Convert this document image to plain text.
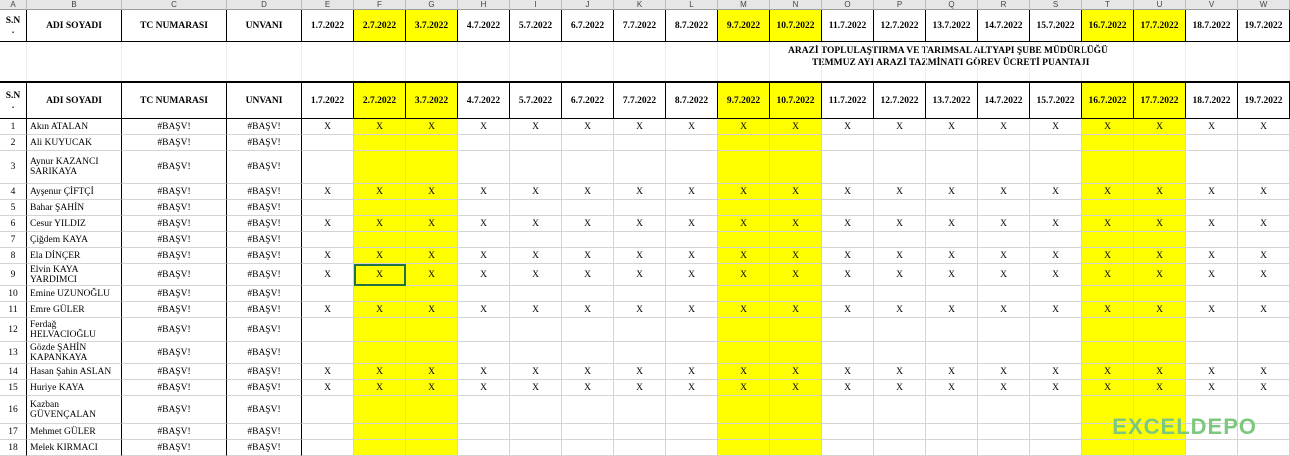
A	B	C	D	E	F	G	H	I	J	K	L	M	N	O	P	Q	R	S	T	U	V	W
S.N
.	ADI SOYADI	TC NUMARASI	UNVANI	1.7.2022	2.7.2022	3.7.2022	4.7.2022	5.7.2022	6.7.2022	7.7.2022	8.7.2022	9.7.2022	10.7.2022	11.7.2022	12.7.2022	13.7.2022	14.7.2022	15.7.2022	16.7.2022	17.7.2022	18.7.2022	19.7.2022
ARAZİ TOPLULAŞTIRMA VE TARIMSAL ALTYAPI ŞUBE MÜDÜRLÜĞÜ
TEMMUZ AYI ARAZİ TAZMİNATI GÖREV ÜCRETİ PUANTAJI
S.N
.	ADI SOYADI	TC NUMARASI	UNVANI	1.7.2022	2.7.2022	3.7.2022	4.7.2022	5.7.2022	6.7.2022	7.7.2022	8.7.2022	9.7.2022	10.7.2022	11.7.2022	12.7.2022	13.7.2022	14.7.2022	15.7.2022	16.7.2022	17.7.2022	18.7.2022	19.7.2022
1	Akın ATALAN	#BAŞV!	#BAŞV!	X	X	X	X	X	X	X	X	X	X	X	X	X	X	X	X	X	X	X
2	Ali KUYUCAK	#BAŞV!	#BAŞV!
3	Aynur KAZANCI SARIKAYA	#BAŞV!	#BAŞV!
4	Ayşenur ÇİFTÇİ	#BAŞV!	#BAŞV!	X	X	X	X	X	X	X	X	X	X	X	X	X	X	X	X	X	X	X
5	Bahar ŞAHİN	#BAŞV!	#BAŞV!
6	Cesur YILDIZ	#BAŞV!	#BAŞV!	X	X	X	X	X	X	X	X	X	X	X	X	X	X	X	X	X	X	X
7	Çiğdem KAYA	#BAŞV!	#BAŞV!
8	Ela DİNÇER	#BAŞV!	#BAŞV!	X	X	X	X	X	X	X	X	X	X	X	X	X	X	X	X	X	X	X
9	Elvin KAYA YARDIMCI	#BAŞV!	#BAŞV!	X	X	X	X	X	X	X	X	X	X	X	X	X	X	X	X	X	X	X
10	Emine UZUNOĞLU	#BAŞV!	#BAŞV!
11	Emre GÜLER	#BAŞV!	#BAŞV!	X	X	X	X	X	X	X	X	X	X	X	X	X	X	X	X	X	X	X
12	Ferdağ HELVACIOĞLU	#BAŞV!	#BAŞV!
13	Gözde ŞAHİN KAPANKAYA	#BAŞV!	#BAŞV!
14	Hasan Şahin ASLAN	#BAŞV!	#BAŞV!	X	X	X	X	X	X	X	X	X	X	X	X	X	X	X	X	X	X	X
15	Huriye KAYA	#BAŞV!	#BAŞV!	X	X	X	X	X	X	X	X	X	X	X	X	X	X	X	X	X	X	X
16	Kazban GÜVENÇALAN	#BAŞV!	#BAŞV!
17	Mehmet GÜLER	#BAŞV!	#BAŞV!
18	Melek KIRMACI	#BAŞV!	#BAŞV!
EXCELDEPO
